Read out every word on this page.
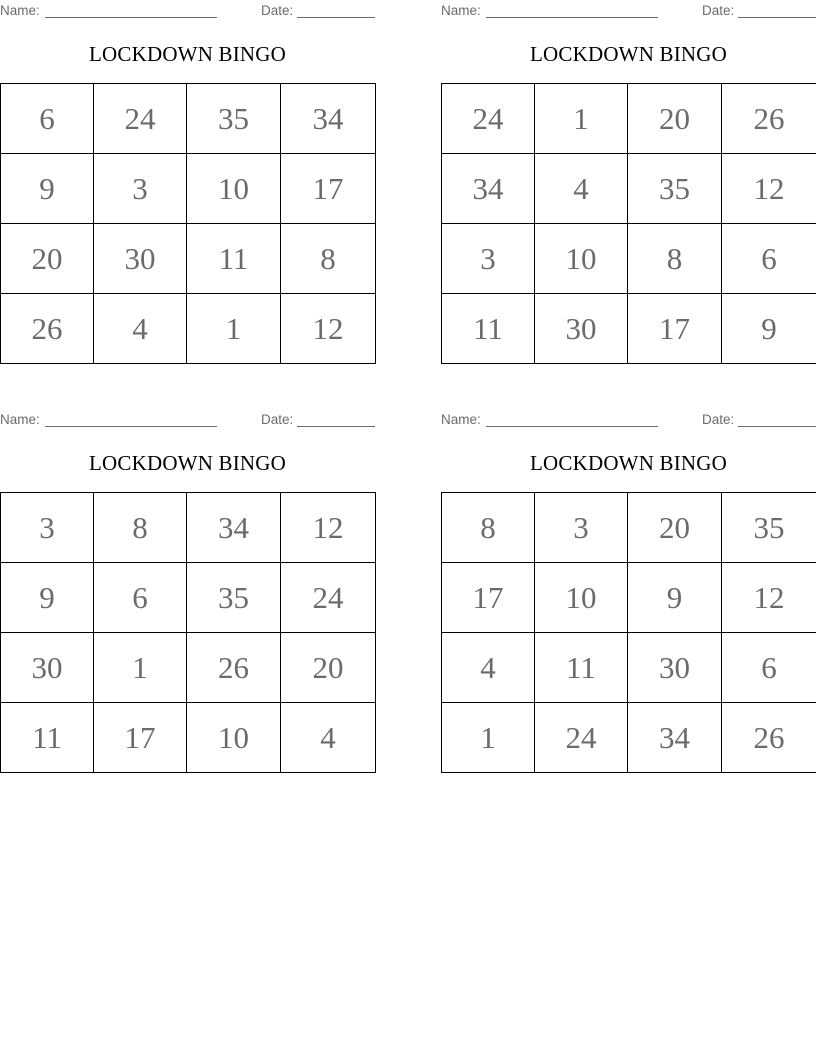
Name:	Date:
LOCKDOWN BINGO
6	24	35	34
9	3	10	17
20	30	11	8
26	4	1	12
Name:	Date:
LOCKDOWN BINGO
24	1	20	26
34	4	35	12
3	10	8	6
11	30	17	9
Name:	Date:
LOCKDOWN BINGO
3	8	34	12
9	6	35	24
30	1	26	20
11	17	10	4
Name:	Date:
LOCKDOWN BINGO
8	3	20	35
17	10	9	12
4	11	30	6
1	24	34	26
